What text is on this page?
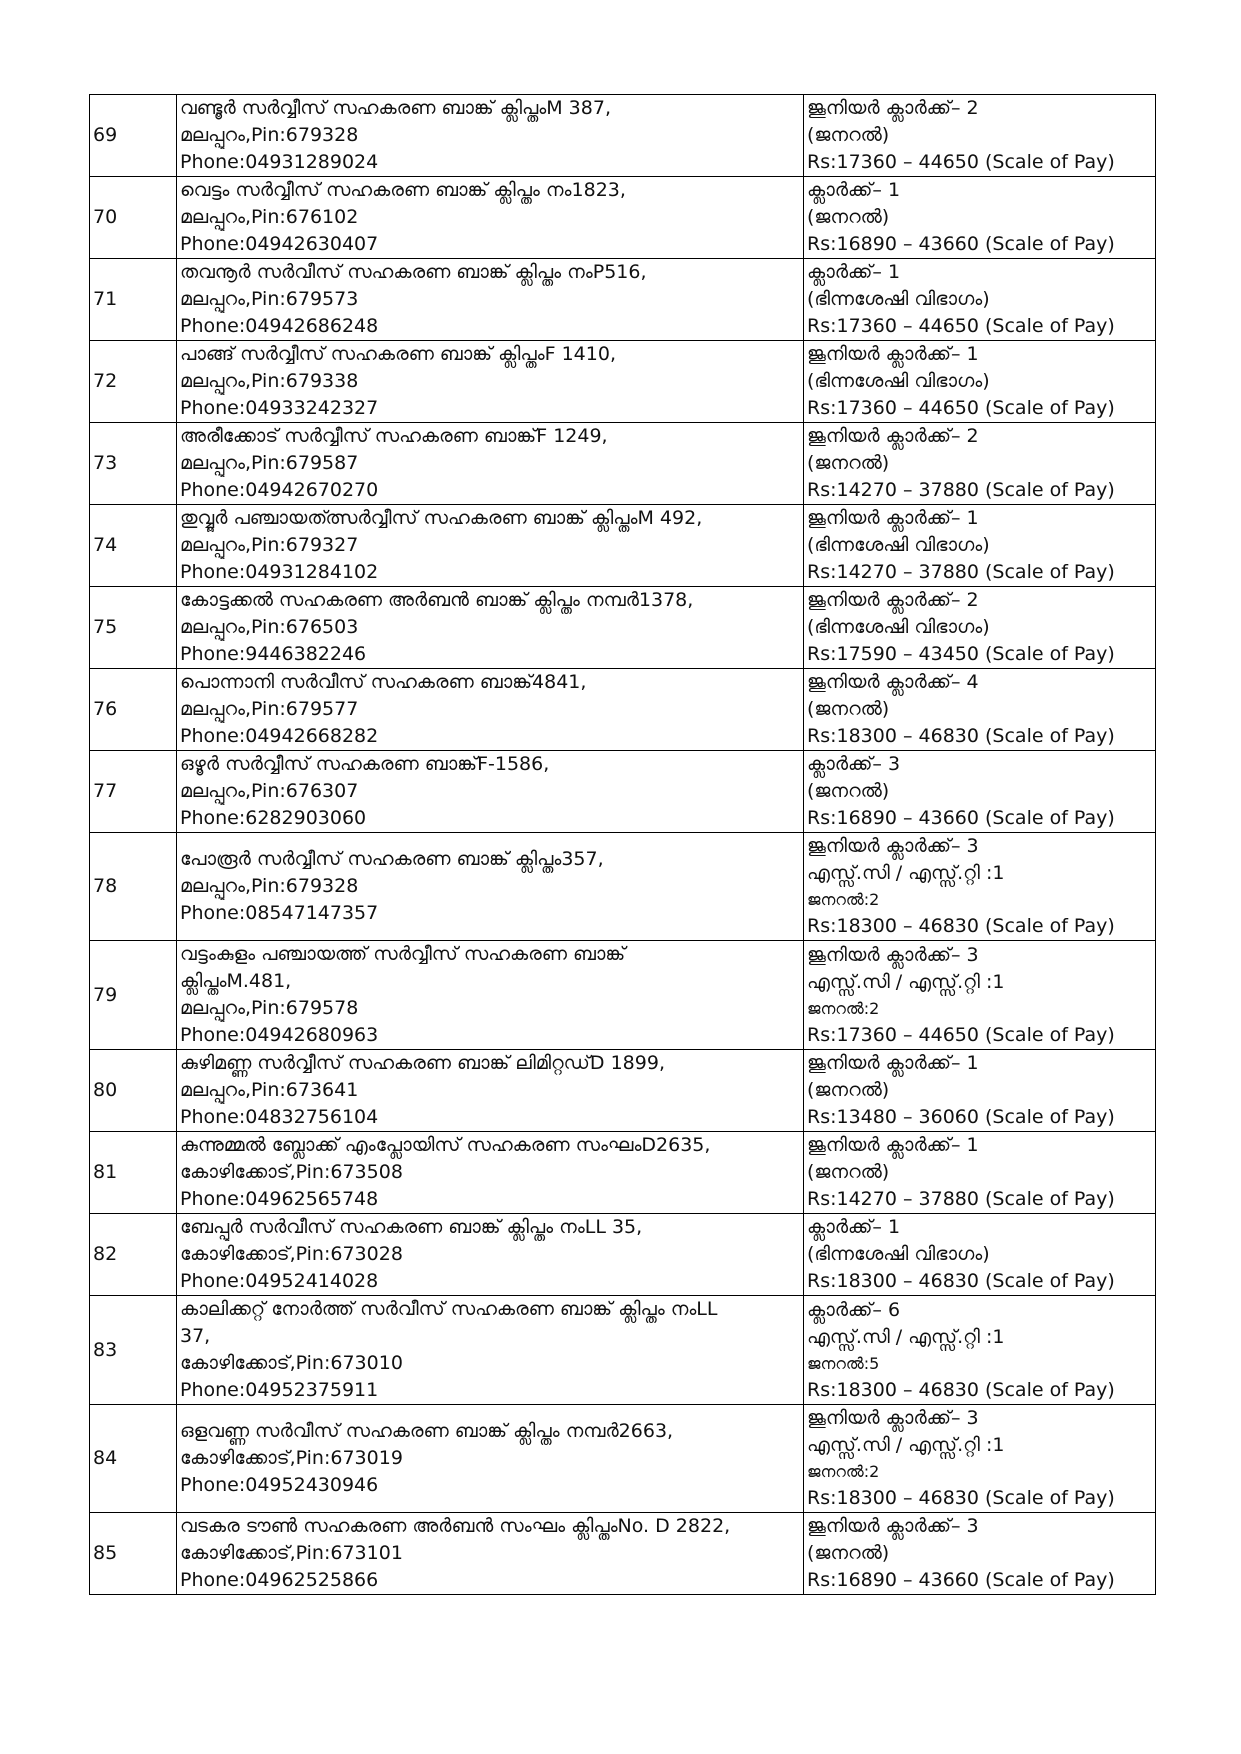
69	വണ്ടൂർ സർവ്വീസ് സഹകരണ ബാങ്ക് ക്ലിപ്തംM 387,
മലപ്പുറം,Pin:679328
Phone:04931289024	ജൂനിയർ ക്ലാർക്ക്– 2
(ജനറൽ)
Rs:17360 – 44650 (Scale of Pay)

70	വെട്ടം സർവ്വീസ് സഹകരണ ബാങ്ക് ക്ലിപ്തം നം1823,
മലപ്പുറം,Pin:676102
Phone:04942630407	ക്ലാർക്ക്– 1
(ജനറൽ)
Rs:16890 – 43660 (Scale of Pay)

71	തവനൂർ സർവീസ് സഹകരണ ബാങ്ക് ക്ലിപ്തം നംP516,
മലപ്പുറം,Pin:679573
Phone:04942686248	ക്ലാർക്ക്– 1
(ഭിന്നശേഷി വിഭാഗം)
Rs:17360 – 44650 (Scale of Pay)

72	പാങ്ങ് സർവ്വീസ് സഹകരണ ബാങ്ക് ക്ലിപ്തംF 1410,
മലപ്പുറം,Pin:679338
Phone:04933242327	ജൂനിയർ ക്ലാർക്ക്– 1
(ഭിന്നശേഷി വിഭാഗം)
Rs:17360 – 44650 (Scale of Pay)

73	അരീക്കോട് സർവ്വീസ് സഹകരണ ബാങ്ക്F 1249,
മലപ്പുറം,Pin:679587
Phone:04942670270	ജൂനിയർ ക്ലാർക്ക്– 2
(ജനറൽ)
Rs:14270 – 37880 (Scale of Pay)

74	തുവ്വൂർ പഞ്ചായത്ത്സർവ്വീസ് സഹകരണ ബാങ്ക് ക്ലിപ്തംM 492,
മലപ്പുറം,Pin:679327
Phone:04931284102	ജൂനിയർ ക്ലാർക്ക്– 1
(ഭിന്നശേഷി വിഭാഗം)
Rs:14270 – 37880 (Scale of Pay)

75	കോട്ടക്കൽ സഹകരണ അർബൻ ബാങ്ക് ക്ലിപ്തം നമ്പർ1378,
മലപ്പുറം,Pin:676503
Phone:9446382246	ജൂനിയർ ക്ലാർക്ക്– 2
(ഭിന്നശേഷി വിഭാഗം)
Rs:17590 – 43450 (Scale of Pay)

76	പൊന്നാനി സർവീസ് സഹകരണ ബാങ്ക്4841,
മലപ്പുറം,Pin:679577
Phone:04942668282	ജൂനിയർ ക്ലാർക്ക്– 4
(ജനറൽ)
Rs:18300 – 46830 (Scale of Pay)

77	ഒഴൂർ സർവ്വീസ് സഹകരണ ബാങ്ക്F-1586,
മലപ്പുറം,Pin:676307
Phone:6282903060	ക്ലാർക്ക്– 3
(ജനറൽ)
Rs:16890 – 43660 (Scale of Pay)

78	പോരൂർ സർവ്വീസ് സഹകരണ ബാങ്ക് ക്ലിപ്തം357,
മലപ്പുറം,Pin:679328
Phone:08547147357	ജൂനിയർ ക്ലാർക്ക്– 3
എസ്സ്.സി / എസ്സ്.റ്റി :1
ജനറൽ:2
Rs:18300 – 46830 (Scale of Pay)

79	വട്ടംകുളം പഞ്ചായത്ത് സർവ്വീസ് സഹകരണ ബാങ്ക്
ക്ലിപ്തംM.481,
മലപ്പുറം,Pin:679578
Phone:04942680963	ജൂനിയർ ക്ലാർക്ക്– 3
എസ്സ്.സി / എസ്സ്.റ്റി :1
ജനറൽ:2
Rs:17360 – 44650 (Scale of Pay)

80	കുഴിമണ്ണ സർവ്വീസ് സഹകരണ ബാങ്ക് ലിമിറ്റഡ്D 1899,
മലപ്പുറം,Pin:673641
Phone:04832756104	ജൂനിയർ ക്ലാർക്ക്– 1
(ജനറൽ)
Rs:13480 – 36060 (Scale of Pay)

81	കുന്നുമ്മൽ ബ്ലോക്ക് എംപ്ലോയിസ് സഹകരണ സംഘംD2635,
കോഴിക്കോട്,Pin:673508
Phone:04962565748	ജൂനിയർ ക്ലാർക്ക്– 1
(ജനറൽ)
Rs:14270 – 37880 (Scale of Pay)

82	ബേപ്പൂർ സർവീസ് സഹകരണ ബാങ്ക് ക്ലിപ്തം നംLL 35,
കോഴിക്കോട്,Pin:673028
Phone:04952414028	ക്ലാർക്ക്– 1
(ഭിന്നശേഷി വിഭാഗം)
Rs:18300 – 46830 (Scale of Pay)

83	കാലിക്കറ്റ് നോർത്ത് സർവീസ് സഹകരണ ബാങ്ക് ക്ലിപ്തം നംLL
37,
കോഴിക്കോട്,Pin:673010
Phone:04952375911	ക്ലാർക്ക്– 6
എസ്സ്.സി / എസ്സ്.റ്റി :1
ജനറൽ:5
Rs:18300 – 46830 (Scale of Pay)

84	ഒളവണ്ണ സർവീസ് സഹകരണ ബാങ്ക് ക്ലിപ്തം നമ്പർ2663,
കോഴിക്കോട്,Pin:673019
Phone:04952430946	ജൂനിയർ ക്ലാർക്ക്– 3
എസ്സ്.സി / എസ്സ്.റ്റി :1
ജനറൽ:2
Rs:18300 – 46830 (Scale of Pay)

85	വടകര ടൗൺ സഹകരണ അർബൻ സംഘം ക്ലിപ്തംNo. D 2822,
കോഴിക്കോട്,Pin:673101
Phone:04962525866	ജൂനിയർ ക്ലാർക്ക്– 3
(ജനറൽ)
Rs:16890 – 43660 (Scale of Pay)
